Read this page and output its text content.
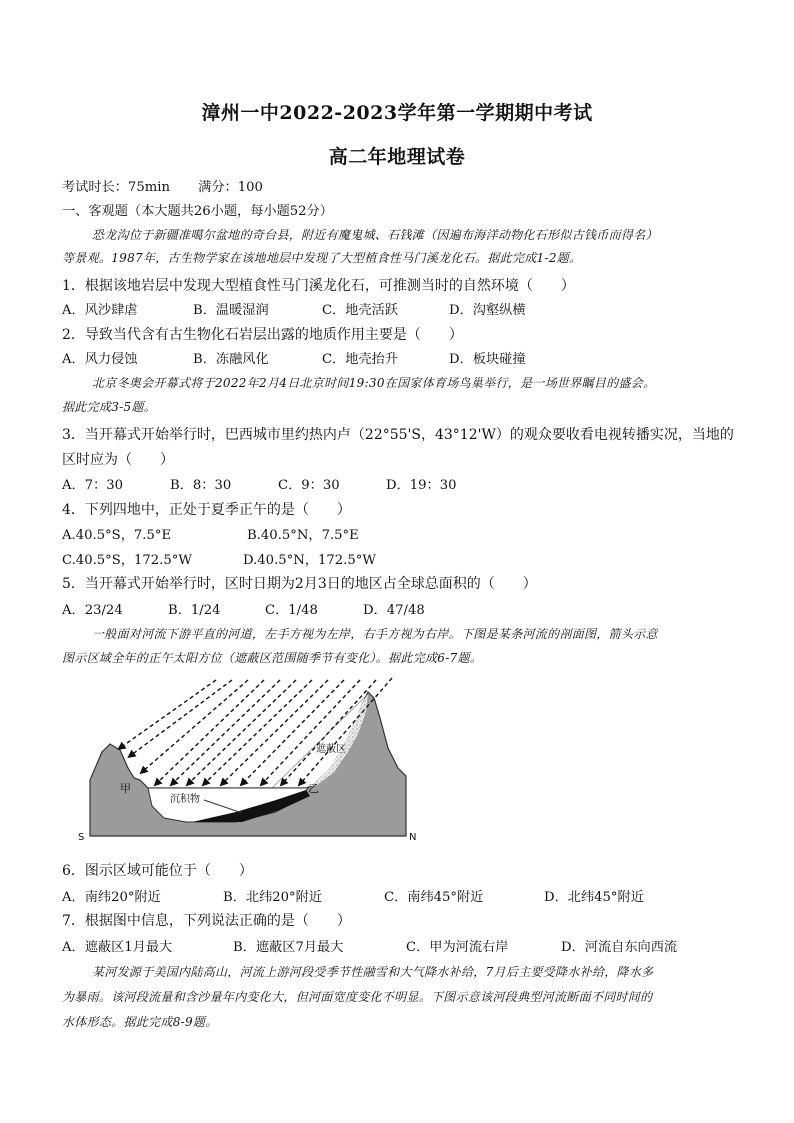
漳州一中2022-2023学年第一学期期中考试
高二年地理试卷
考试时长：75min 满分：100
一、客观题（本大题共26小题，每小题52分）
恐龙沟位于新疆准噶尔盆地的奇台县，附近有魔鬼城、石钱滩（因遍布海洋动物化石形似古钱币而得名）
等景观。1987年，古生物学家在该地地层中发现了大型植食性马门溪龙化石。据此完成1-2题。
1．根据该地岩层中发现大型植食性马门溪龙化石，可推测当时的自然环境（　　）
A．风沙肆虐	B．温暖湿润	C．地壳活跃	D．沟壑纵横
2．导致当代含有古生物化石岩层出露的地质作用主要是（　　）
A．风力侵蚀	B．冻融风化	C．地壳抬升	D．板块碰撞
北京冬奥会开幕式将于2022年2月4日北京时间19:30在国家体育场鸟巢举行，是一场世界瞩目的盛会。
据此完成3-5题。
3．当开幕式开始举行时，巴西城市里约热内卢（22°55'S，43°12'W）的观众要收看电视转播实况，当地的
区时应为（　　）
A．7：30	B．8：30	C．9：30	D．19：30
4．下列四地中，正处于夏季正午的是（　　）
A.40.5°S，7.5°E	B.40.5°N，7.5°E
C.40.5°S，172.5°W	D.40.5°N，172.5°W
5．当开幕式开始举行时，区时日期为2月3日的地区占全球总面积的（　　）
A．23/24	B．1/24	C．1/48	D．47/48
一般面对河流下游平直的河道，左手方视为左岸，右手方视为右岸。下图是某条河流的剖面图，箭头示意
图示区域全年的正午太阳方位（遮蔽区范围随季节有变化）。据此完成6-7题。
甲	乙
遮蔽区
沉积物
S	N
6．图示区域可能位于（　　）
A．南纬20°附近	B．北纬20°附近	C．南纬45°附近	D．北纬45°附近
7．根据图中信息，下列说法正确的是（　　）
A．遮蔽区1月最大	B．遮蔽区7月最大	C．甲为河流右岸	D．河流自东向西流
某河发源于美国内陆高山，河流上游河段受季节性融雪和大气降水补给，7月后主要受降水补给，降水多
为暴雨。该河段流量和含沙量年内变化大，但河面宽度变化不明显。下图示意该河段典型河流断面不同时间的
水体形态。据此完成8-9题。
